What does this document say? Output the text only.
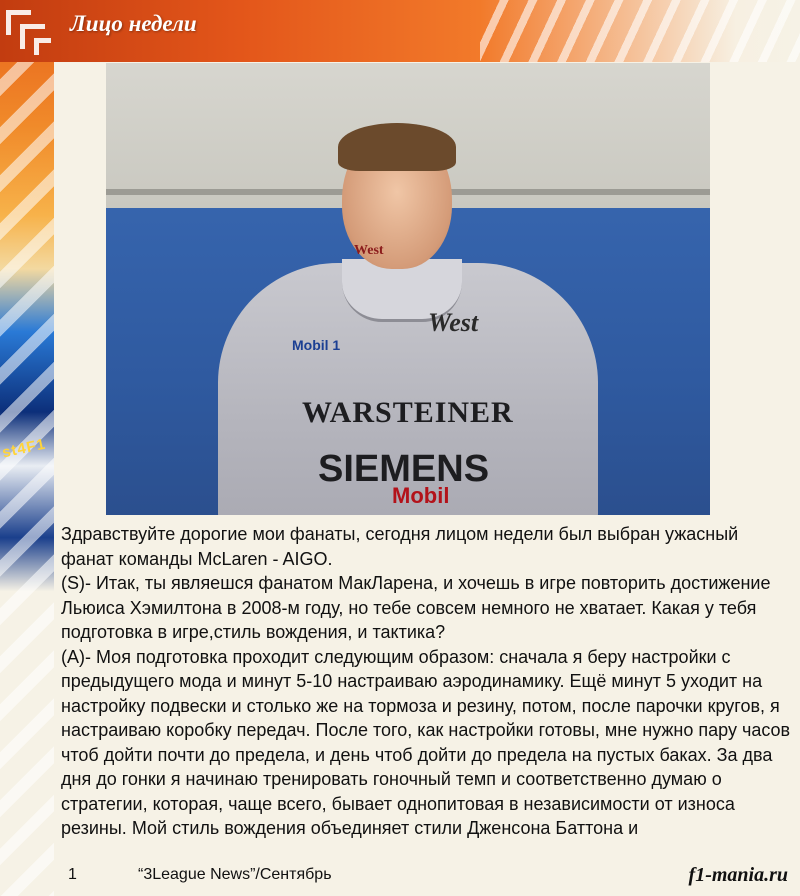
st4F1
Лицо недели
West
West
Mobil 1
WARSTEINER
SIEMENS
Mobil

Здравствуйте дорогие мои фанаты, сегодня лицом недели был выбран ужасный фанат команды McLaren - AIGO.

(S)- Итак, ты являешся фанатом МакЛарена, и хочешь в игре повторить достижение Льюиса Хэмилтона в 2008-м году, но тебе совсем немного не хватает. Какая у тебя подготовка в игре,стиль вождения, и тактика?

(A)- Моя подготовка проходит следующим образом: сначала я беру настройки с предыдущего мода и минут 5-10 настраиваю аэродинамику. Ещё минут 5 уходит на настройку подвески и столько же на тормоза и резину, потом, после парочки кругов, я настраиваю коробку передач. После того, как настройки готовы, мне нужно пару часов чтоб дойти почти до предела, и день чтоб дойти до предела на пустых баках. За два дня до гонки я начинаю тренировать гоночный темп и соответственно думаю о стратегии, которая, чаще всего, бывает однопитовая в независимости от износа резины. Мой стиль вождения объединяет стили Дженсона Баттона и

1	“3League News”/Сентябрь	f1-mania.ru
